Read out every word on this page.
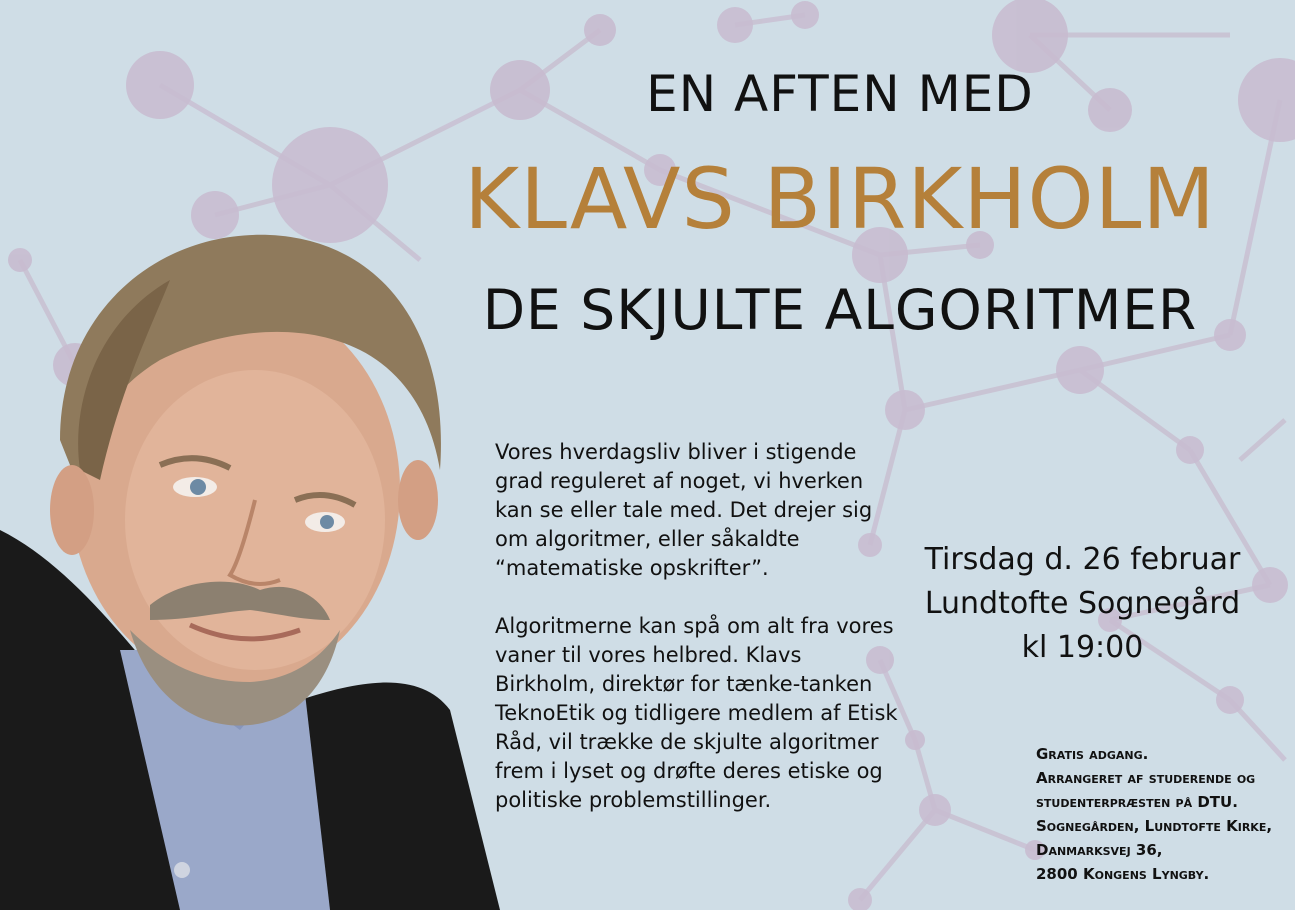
EN AFTEN MED
KLAVS BIRKHOLM
DE SKJULTE ALGORITMER

Vores hverdagsliv bliver i stigende grad reguleret af noget, vi hverken kan se eller tale med. Det drejer sig om algoritmer, eller såkaldte “matematiske opskrifter”.

Algoritmerne kan spå om alt fra vores vaner til vores helbred. Klavs Birkholm, direktør for tænke-tanken TeknoEtik og tidligere medlem af Etisk Råd, vil trække de skjulte algoritmer frem i lyset og drøfte deres etiske og politiske problemstillinger.

Tirsdag d. 26 februar
Lundtofte Sognegård
kl 19:00
Gratis adgang.
Arrangeret af studerende og
studenterpræsten på DTU.
Sognegården, Lundtofte Kirke,
Danmarksvej 36,
2800 Kongens Lyngby.
